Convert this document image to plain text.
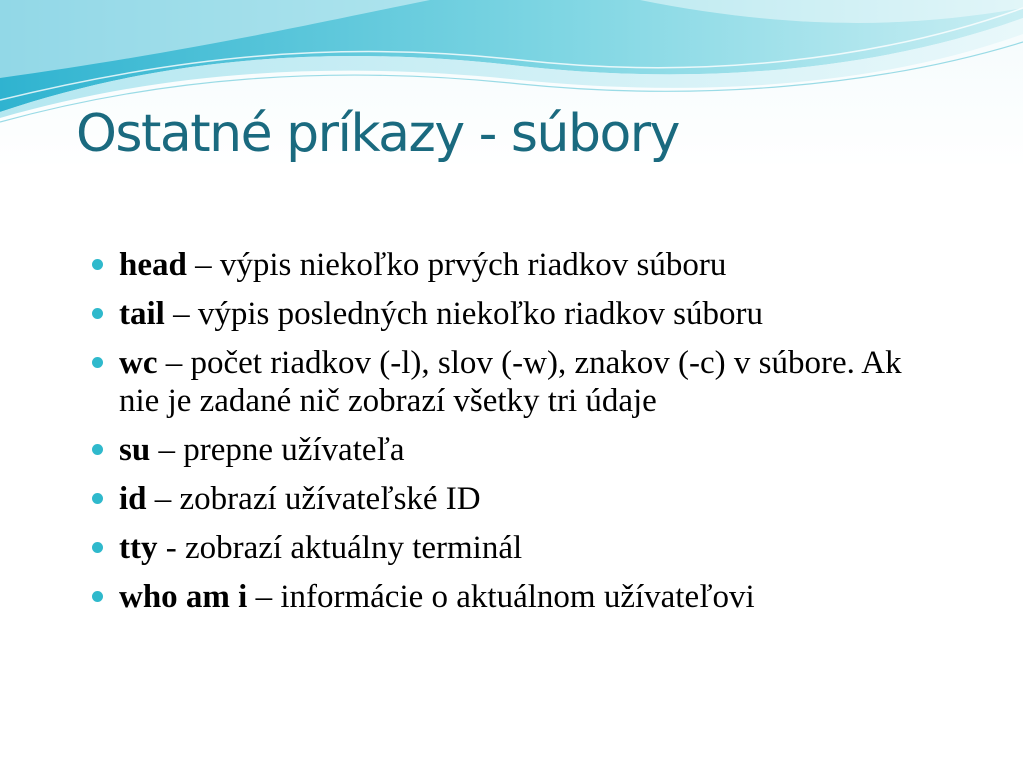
Ostatné príkazy - súbory
head – výpis niekoľko prvých riadkov súboru
tail – výpis posledných niekoľko riadkov súboru
wc – počet riadkov (-l), slov (-w), znakov (-c) v súbore. Ak nie je zadané nič zobrazí všetky tri údaje
su – prepne užívateľa
id – zobrazí užívateľské ID
tty - zobrazí aktuálny terminál
who am i – informácie o aktuálnom užívateľovi
